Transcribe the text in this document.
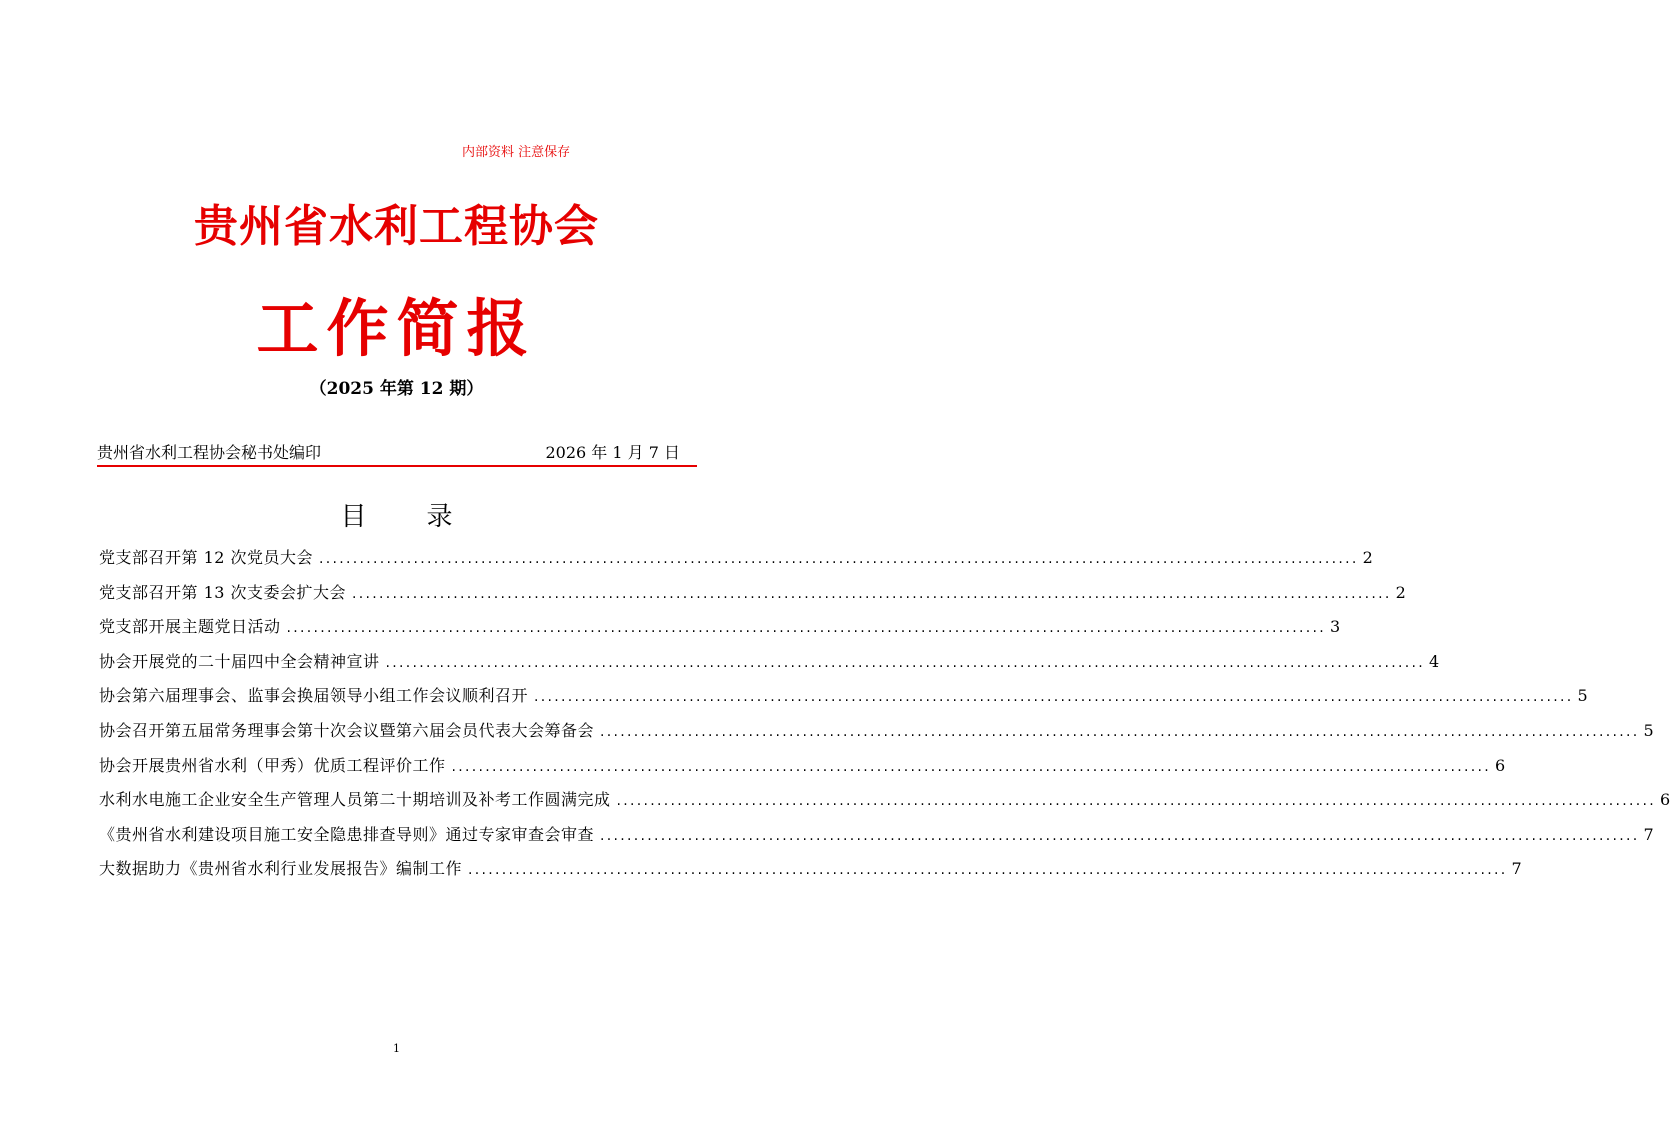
内部资料 注意保存
贵州省水利工程协会
工作简报
（2025 年第 12 期）
贵州省水利工程协会秘书处编印	2026 年 1 月 7 日
目 录
党支部召开第 12 次党员大会 .....	2
党支部召开第 13 次支委会扩大会 .....	2
党支部开展主题党日活动 .....	3
协会开展党的二十届四中全会精神宣讲 .....	4
协会第六届理事会、监事会换届领导小组工作会议顺利召开 .....	5
协会召开第五届常务理事会第十次会议暨第六届会员代表大会筹备会 .....	5
协会开展贵州省水利（甲秀）优质工程评价工作 .....	6
水利水电施工企业安全生产管理人员第二十期培训及补考工作圆满完成 .....	6
《贵州省水利建设项目施工安全隐患排查导则》通过专家审查会审查 .....	7
大数据助力《贵州省水利行业发展报告》编制工作 .....	7
1
